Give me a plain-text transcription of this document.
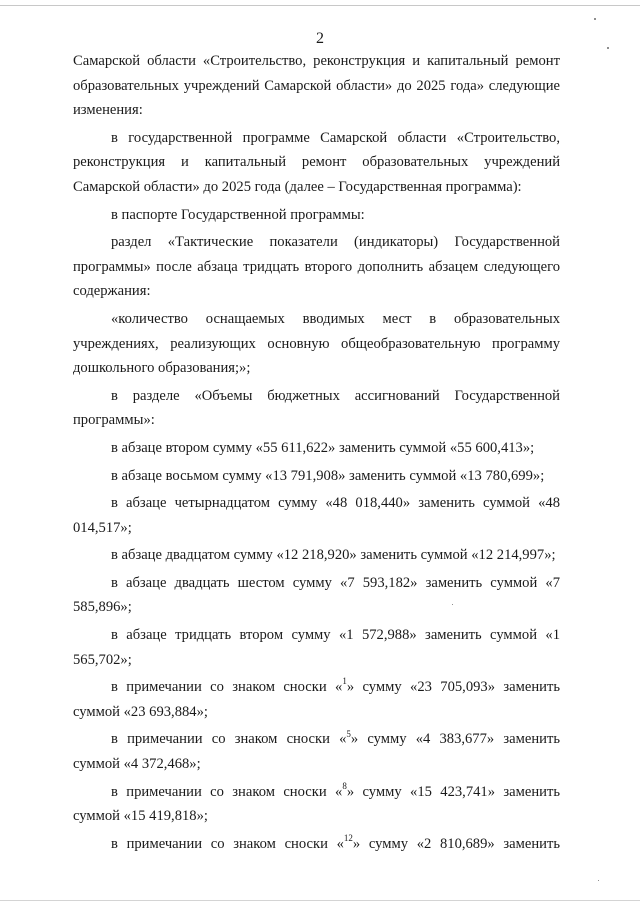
2

Самарской области «Строительство, реконструкция и капитальный ремонт образовательных учреждений Самарской области» до 2025 года» следующие изменения:

в государственной программе Самарской области «Строительство, реконструкция и капитальный ремонт образовательных учреждений Самарской области» до 2025 года (далее – Государственная программа):

в паспорте Государственной программы:

раздел «Тактические показатели (индикаторы) Государственной программы» после абзаца тридцать второго дополнить абзацем следующего содержания:

«количество оснащаемых вводимых мест в образовательных учреждениях, реализующих основную общеобразовательную программу дошкольного образования;»;

в разделе «Объемы бюджетных ассигнований Государственной программы»:

в абзаце втором сумму «55 611,622» заменить суммой «55 600,413»;

в абзаце восьмом сумму «13 791,908» заменить суммой «13 780,699»;

в абзаце четырнадцатом сумму «48 018,440» заменить суммой «48 014,517»;

в абзаце двадцатом сумму «12 218,920» заменить суммой «12 214,997»;

в абзаце двадцать шестом сумму «7 593,182» заменить суммой «7 585,896»;

в абзаце тридцать втором сумму «1 572,988» заменить суммой «1 565,702»;

в примечании со знаком сноски «$^1$» сумму «23 705,093» заменить суммой «23 693,884»;

в примечании со знаком сноски «$^5$» сумму «4 383,677» заменить суммой «4 372,468»;

в примечании со знаком сноски «$^8$» сумму «15 423,741» заменить суммой «15 419,818»;

в примечании со знаком сноски «$^{12}$» сумму «2 810,689» заменить
